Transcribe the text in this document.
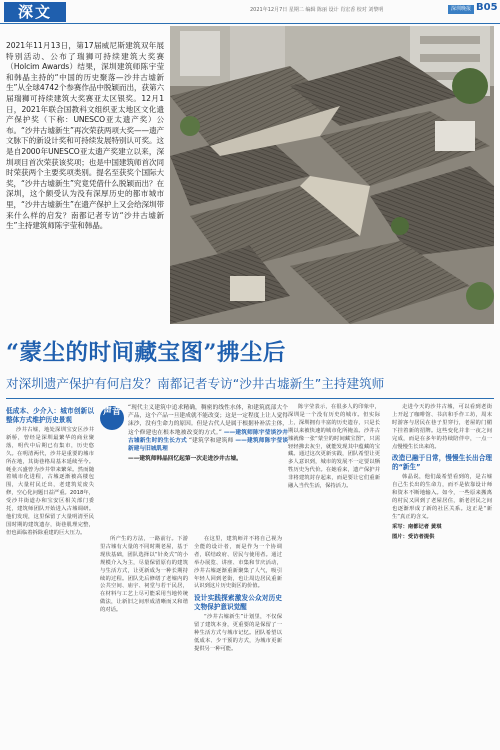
深文	2021年12月7日 星期二 编辑 陈丽 设计 肖宏香 校对 刘黎明	深圳晚报 B05
2021年11月13日，第17届威尼斯建筑双年展特别活动、公布了瑞狮可持续建筑大奖赛（Holcim Awards）结果，深圳建筑师陈宇莹和韩晶主持的“中国的历史聚落—沙井古墟新生”从全球4742个参赛作品中脱颖而出，获第六届瑞狮可持续建筑大奖赛亚太区银奖。12月1日，2021年联合国教科文组织亚太地区文化遗产保护奖（下称：UNESCO亚太遗产奖）公布。“沙井古墟新生”再次荣获两项大奖——遗产文脉下的新设计奖和可持续发展特别认可奖。这是自2000年UNESCO亚太遗产奖建立以来，深圳项目首次荣获该奖项；也是中国建筑师首次同时荣获两个主要奖项类别。提名至获奖个国际大奖，“沙井古墟新生”究竟凭借什么脱颖而出？在深圳，这个颇受认为没有深厚历史的都市城市里，“沙井古墟新生”在遗产保护上又会给深圳带来什么样的启发？南都记者专访“沙井古墟新生”主持建筑师陈宇莹和韩晶。
“蒙尘的时间藏宝图”拂尘后
对深圳遗产保护有何启发？南都记者专访“沙井古墟新生”主持建筑师
低成本、少介入：城市创新以整体方式维护历史景观

沙井古墟，地处深圳宝安区沙井新桥，曾经是深圳最繁华的商业聚落，明代中后期已有集市，历史悠久。在明清两代，沙井是重要的墟市所在地，其街巷格局基本延续至今。蚝业兴盛曾为沙井带来繁荣。然而随着城市化进程，古墟逐渐被高楼包围，大量村民迁出，老建筑荒废失修，空心化问题日益严重。2018年，受沙井街道办和宝安区相关部门委托，建筑师团队开始进入古墟调研。他们发现，这里保留了大量明清至民国时期的建筑遗存，街巷肌理完整，但也面临着拆除重建的巨大压力。

声音	“现代主义建筑中追求精确，稠密的线性水体，和建筑底部大个产品，这个产品一旦建成就不能改变；这是一定程度上让人觉得沫沙，没有生命力的原因。但是古代人是属于根据补补活主体，这个修建也在根本地被改变的方式。” ——建筑师陈宇莹谈沙井古墟新生时的生长方式 “建筑学和建筑师 ——建筑师陈宇莹谈新建与旧城肌理
——建筑师韩晶回忆起第一次走进沙井古墟。

所产生的方法，一路前行。下游里古墟有大量的不同时期老屋，基于现状基础，团队选择以“针灸式”的小规模介入为主，尽量保留原有的建筑与生活方式，让更新成为一种长期持续的过程。团队先后修缮了老墟内的公共空间、庙宇、祠堂与若干民居，在材料与工艺上尽可能采用当地传统做法，让新旧之间形成清晰而又和谐的对话。

在这里，建筑师并不将自己视为全能的设计者，而是作为一个协调者，联结政府、居民与使用者。通过举办展览、讲座、市集和节庆活动，沙井古墟逐渐重新聚集了人气，吸引年轻人回到老街，也让周边居民重新认识到这片历史街区的价值。

设计实践探索激发公众对历史文物保护意识觉醒

“沙井古墟新生”计划里，不仅保留了建筑本身，更重要的是保留了一种生活方式与城市记忆。团队希望以低成本、少干预的方式，为城市更新提供另一种可能。

陈宇莹表示，在很多人的印象中，深圳是一个没有历史的城市。但实际上，深圳拥有丰富的历史遗存，只是长期以来被快速的城市化所掩盖。沙井古墟就像一张“蒙尘的时间藏宝图”，只需轻轻拂去灰尘，就能发现其中蕴藏的宝藏。通过这次更新实践，团队希望让更多人意识到，城市的发展不一定要以牺牲历史为代价。在她看来，遗产保护并非将建筑封存起来，而是要让它们重新融入当代生活，保持活力。

走进今天的沙井古墟，可以看到老街上开起了咖啡馆、书店和手作工坊，周末时游客与居民在巷子里穿行，老屋的门楣下挂着新的招牌。这些变化并非一夜之间完成，而是在多年的持续陪伴中，一点一点慢慢生长出来的。

改造已融于日常，慢慢生长出合理的“新生”

韩晶说，他们最希望看到的，是古墟自己生长出的生命力，而不是依靠设计师和资本不断地输入。如今，一些原来搬离的村民又回到了老屋居住，新老居民之间也逐渐形成了新的社区关系。这正是“新生”真正的含义。

采写：南都记者 黄琪
图片：受访者提供
